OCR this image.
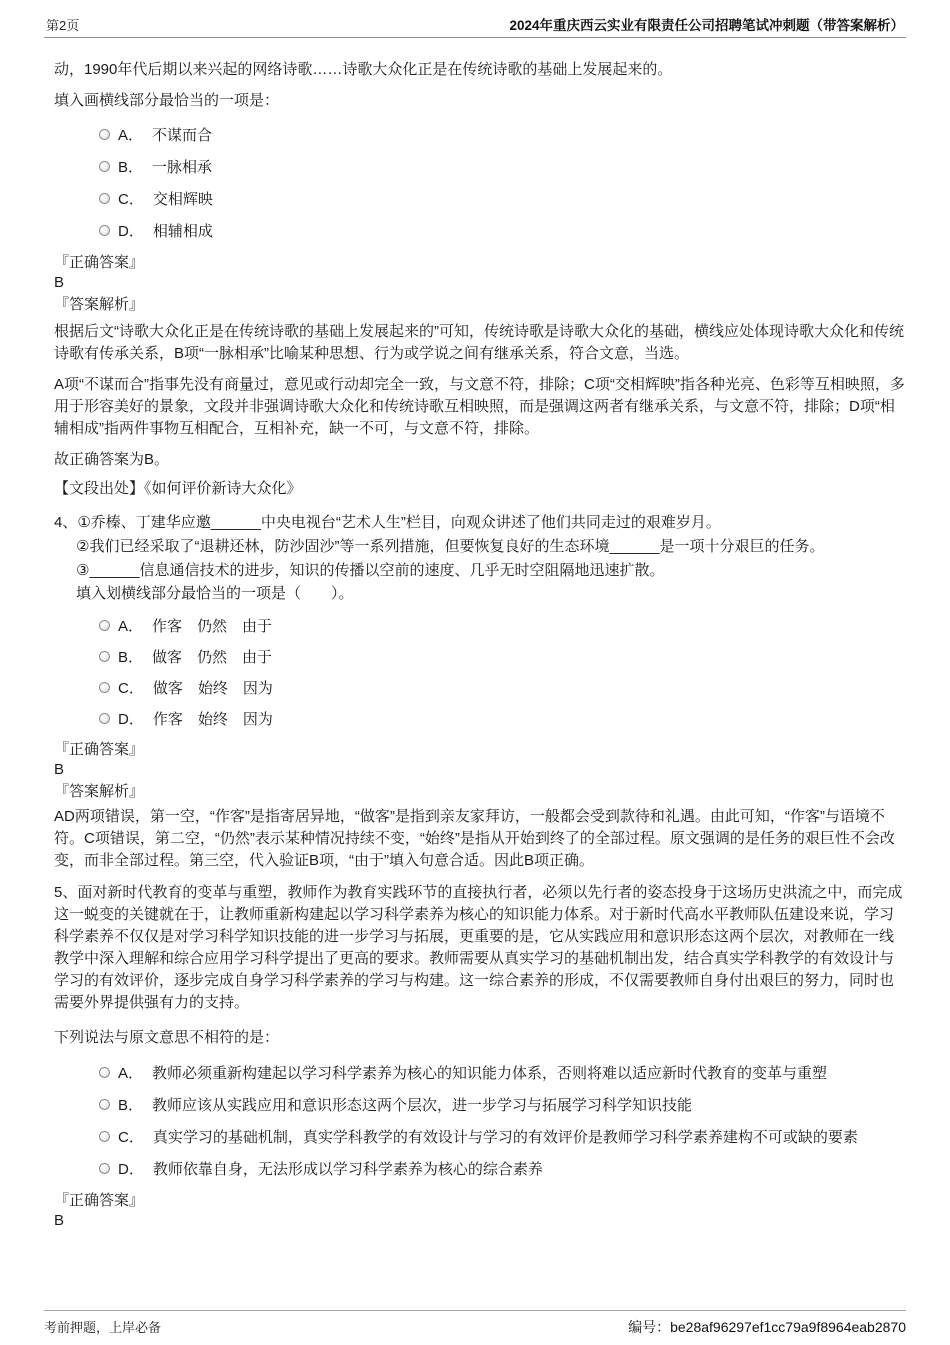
第2页	2024年重庆西云实业有限责任公司招聘笔试冲刺题（带答案解析）

动，1990年代后期以来兴起的网络诗歌……诗歌大众化正是在传统诗歌的基础上发展起来的。

填入画横线部分最恰当的一项是：

A． 不谋而合
B． 一脉相承
C． 交相辉映
D． 相辅相成

『正确答案』

B

『答案解析』

根据后文“诗歌大众化正是在传统诗歌的基础上发展起来的”可知，传统诗歌是诗歌大众化的基础，横线应处体现诗歌大众化和传统诗歌有传承关系，B项“一脉相承”比喻某种思想、行为或学说之间有继承关系，符合文意，当选。

A项“不谋而合”指事先没有商量过，意见或行动却完全一致，与文意不符，排除；C项“交相辉映”指各种光亮、色彩等互相映照，多用于形容美好的景象，文段并非强调诗歌大众化和传统诗歌互相映照，而是强调这两者有继承关系，与文意不符，排除；D项“相辅相成”指两件事物互相配合，互相补充，缺一不可，与文意不符，排除。

故正确答案为B。

【文段出处】《如何评价新诗大众化》

4、①乔榛、丁建华应邀______中央电视台“艺术人生”栏目，向观众讲述了他们共同走过的艰难岁月。

②我们已经采取了“退耕还林，防沙固沙”等一系列措施，但要恢复良好的生态环境______是一项十分艰巨的任务。

③______信息通信技术的进步，知识的传播以空前的速度、几乎无时空阻隔地迅速扩散。

填入划横线部分最恰当的一项是（　　）。

A． 作客　仍然　由于
B． 做客　仍然　由于
C． 做客　始终　因为
D． 作客　始终　因为

『正确答案』

B

『答案解析』

AD两项错误，第一空，“作客”是指寄居异地，“做客”是指到亲友家拜访，一般都会受到款待和礼遇。由此可知，“作客”与语境不符。C项错误，第二空，“仍然”表示某种情况持续不变，“始终”是指从开始到终了的全部过程。原文强调的是任务的艰巨性不会改变，而非全部过程。第三空，代入验证B项，“由于”填入句意合适。因此B项正确。

5、面对新时代教育的变革与重塑，教师作为教育实践环节的直接执行者，必须以先行者的姿态投身于这场历史洪流之中，而完成这一蜕变的关键就在于，让教师重新构建起以学习科学素养为核心的知识能力体系。对于新时代高水平教师队伍建设来说，学习科学素养不仅仅是对学习科学知识技能的进一步学习与拓展，更重要的是，它从实践应用和意识形态这两个层次，对教师在一线教学中深入理解和综合应用学习科学提出了更高的要求。教师需要从真实学习的基础机制出发，结合真实学科教学的有效设计与学习的有效评价，逐步完成自身学习科学素养的学习与构建。这一综合素养的形成，不仅需要教师自身付出艰巨的努力，同时也需要外界提供强有力的支持。

下列说法与原文意思不相符的是：

A． 教师必须重新构建起以学习科学素养为核心的知识能力体系，否则将难以适应新时代教育的变革与重塑
B． 教师应该从实践应用和意识形态这两个层次，进一步学习与拓展学习科学知识技能
C． 真实学习的基础机制，真实学科教学的有效设计与学习的有效评价是教师学习科学素养建构不可或缺的要素
D． 教师依靠自身，无法形成以学习科学素养为核心的综合素养

『正确答案』

B

考前押题，上岸必备	编号：be28af96297ef1cc79a9f8964eab2870
